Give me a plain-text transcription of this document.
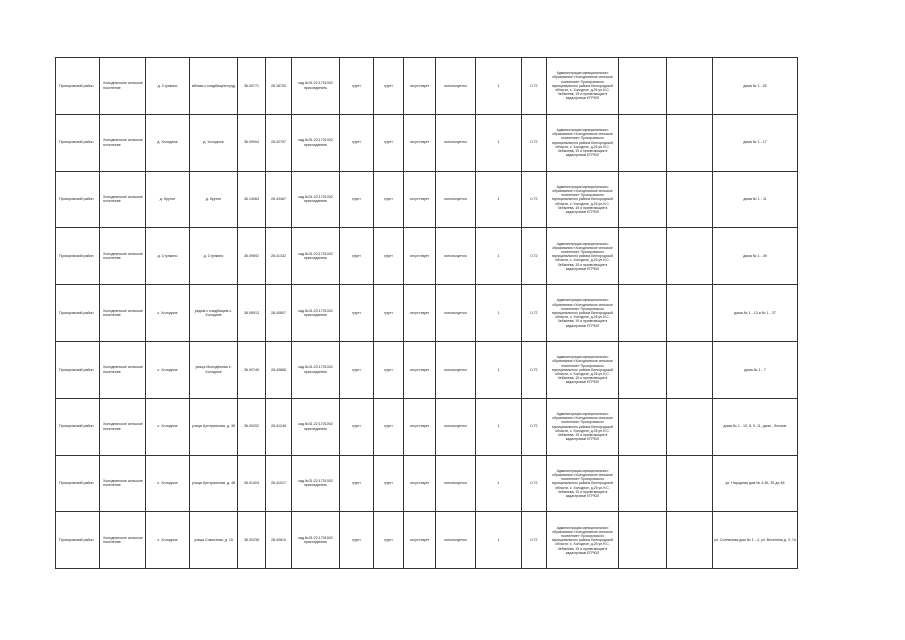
Прохоровский район	Холоднянское сельское поселение	д. Ступкино	вблизи с кладбищем пруд	36.09771	28.18700	кад.№31:22:1701002 присоединить	грунт	грунт	отсутствует	используется	1	0.72	Администрация муниципального образования «Холоднянское сельское поселение» Прохоровского муниципального района Белгородской области, с. Холодное, д.26 ул.Н.С. Чебынева, 19 и прилегающие в кадастровые ЕГРЮЛ			дома № 1 - 52
Прохоровский район	Холоднянское сельское поселение	д. Холодное	д. Холодное	36.09904	28.42797	кад.№31:22:1701002 присоединить	грунт	грунт	отсутствует	используется	1	0.72	Администрация муниципального образования «Холоднянское сельское поселение» Прохоровского муниципального района Белгородской области, с. Холодное, д.26 ул.Н.С. Чебынева, 19 и прилегающие в кадастровые ЕГРЮЛ			дома № 1 - 17
Прохоровский район	Холоднянское сельское поселение	д. Крутое	д. Крутое	36.14063	28.43467	кад.№31:22:1701002 присоединить	грунт	грунт	отсутствует	используется	1	0.72	Администрация муниципального образования «Холоднянское сельское поселение» Прохоровского муниципального района Белгородской области, с. Холодное, д.26 ул.Н.С. Чебынева, 19 и прилегающие в кадастровые ЕГРЮЛ			дома № 1 - 11
Прохоровский район	Холоднянское сельское поселение	д. Ступкино	д. Ступкино	36.09692	28.41342	кад.№31:22:1701002 присоединить	грунт	грунт	отсутствует	используется	1	0.72	Администрация муниципального образования «Холоднянское сельское поселение» Прохоровского муниципального района Белгородской области, с. Холодное, д.26 ул.Н.С. Чебынева, 19 и прилегающие в кадастровые ЕГРЮЛ			дома № 1 - 49
Прохоровский район	Холоднянское сельское поселение	с. Холодное	рядом с кладбищем с. Холодное	36.08913	28.40807	кад.№31:22:1701002 присоединить	грунт	грунт	отсутствует	используется	1	0.72	Администрация муниципального образования «Холоднянское сельское поселение» Прохоровского муниципального района Белгородской области, с. Холодное, д.26 ул.Н.С. Чебынева, 19 и прилегающие в кадастровые ЕГРЮЛ			дома № 1 - 13 и № 1 - 37
Прохоровский район	Холоднянское сельское поселение	с. Холодное	улица Молодёжная с. Холодное	36.09745	28.40866	кад.№31:22:1701002 присоединить	грунт	грунт	отсутствует	используется	1	0.72	Администрация муниципального образования «Холоднянское сельское поселение» Прохоровского муниципального района Белгородской области, с. Холодное, д.26 ул.Н.С. Чебынева, 19 и прилегающие в кадастровые ЕГРЮЛ			дома № 1 - 7
Прохоровский район	Холоднянское сельское поселение	с. Холодное	улица Центральная, д. 36	36.09202	28.41248	кад.№31:22:1701002 присоединить	грунт	грунт	отсутствует	используется	1	0.72	Администрация муниципального образования «Холоднянское сельское поселение» Прохоровского муниципального района Белгородской области, с. Холодное, д.26 ул.Н.С. Чебынева, 19 и прилегающие в кадастровые ЕГРЮЛ			дома № 1 - 10, 8, 9, 11, дачи - Лесные
Прохоровский район	Холоднянское сельское поселение	с. Холодное	улица Центральная, д. 48	36.91404	28.41017	кад.№31:22:1701002 присоединить	грунт	грунт	отсутствует	используется	1	0.72	Администрация муниципального образования «Холоднянское сельское поселение» Прохоровского муниципального района Белгородской области, с. Холодное, д.26 ул.Н.С. Чебынева, 19 и прилегающие в кадастровые ЕГРЮЛ			ул. Народная дом № 4-36, 35 до 48
Прохоровский район	Холоднянское сельское поселение	с. Холодное	улица Совхозная, д. 15	36.00238	28.40810	кад.№31:22:1701002 присоединить	грунт	грунт	отсутствует	используется	1	0.72	Администрация муниципального образования «Холоднянское сельское поселение» Прохоровского муниципального района Белгородской области, с. Холодное, д.26 ул.Н.С. Чебынева, 19 и прилегающие в кадастровые ЕГРЮЛ			ул. Солнечная дом № 1 - 4, ул. Весенняя д. 3, 7а
